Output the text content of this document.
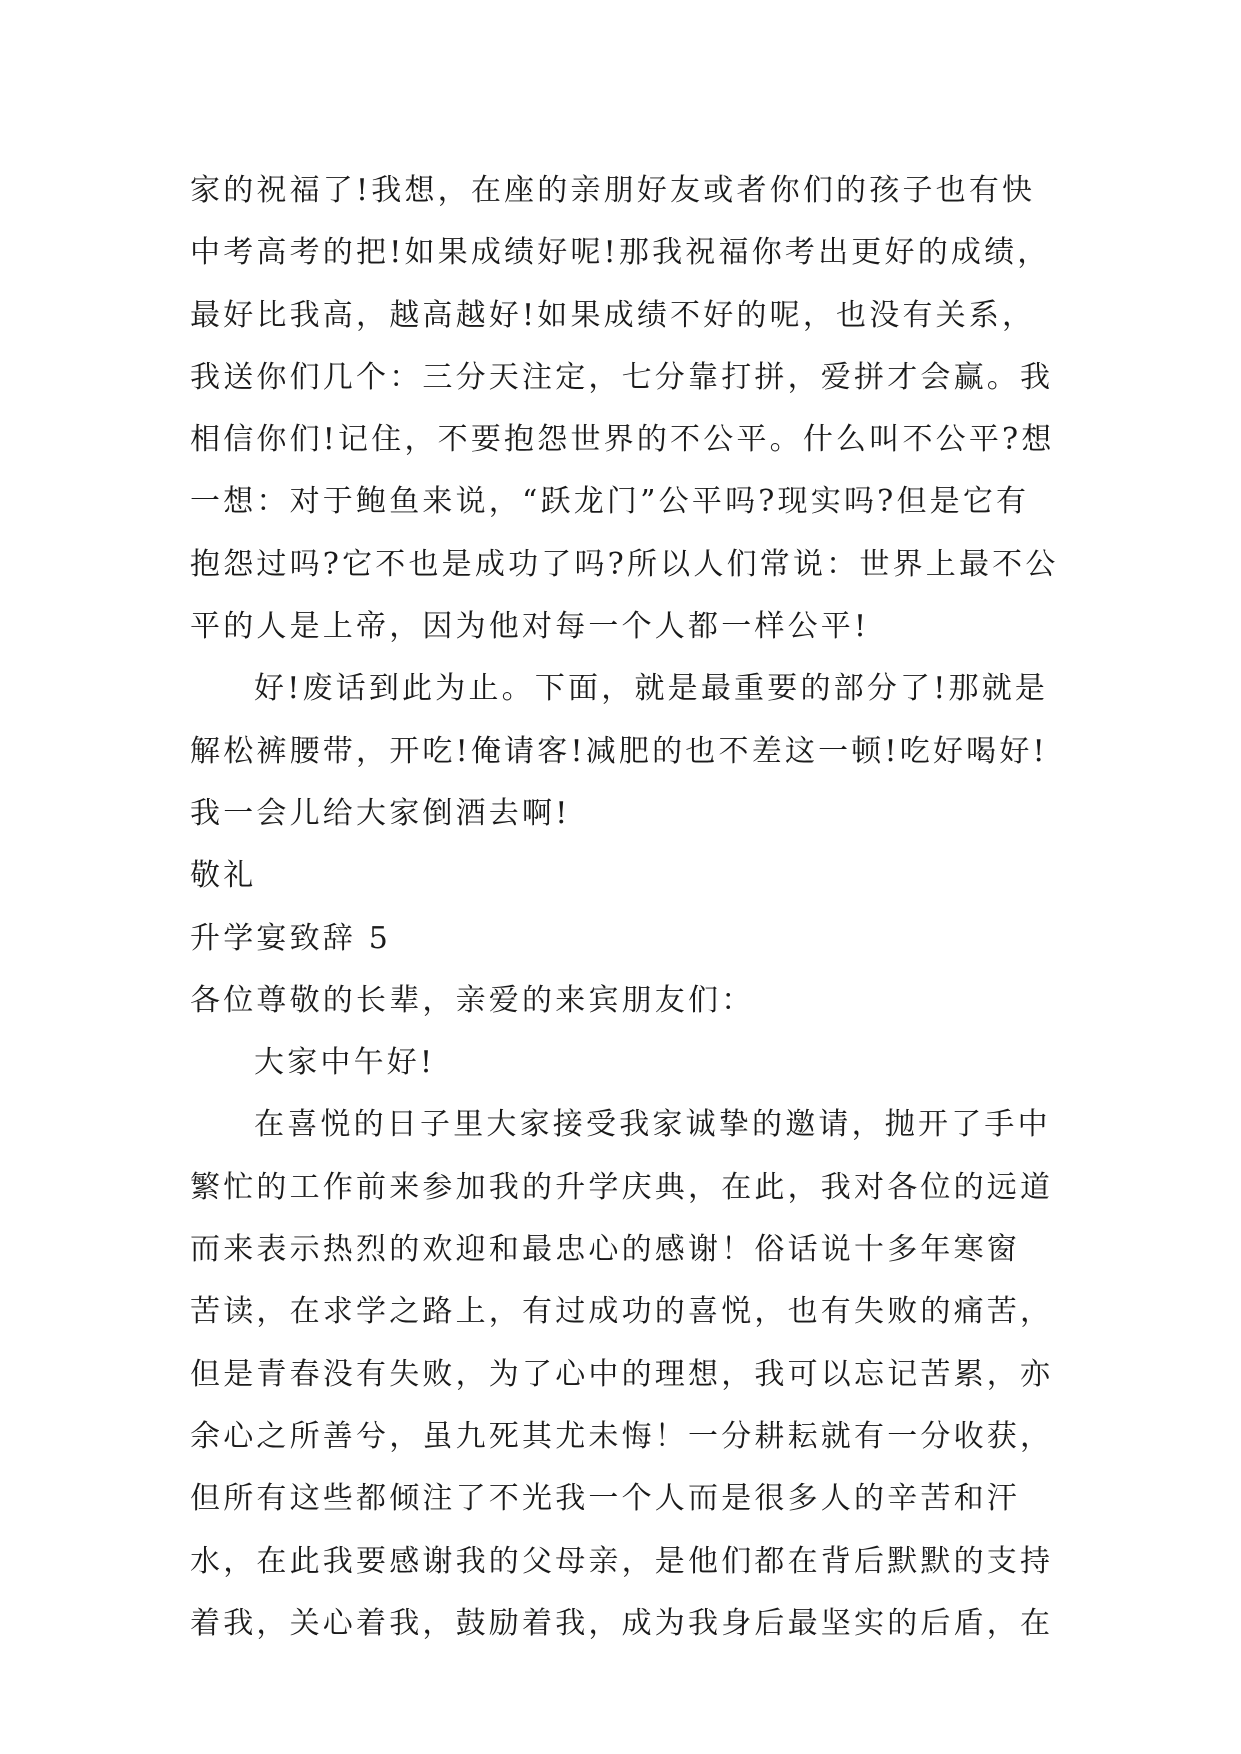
家的祝福了!我想，在座的亲朋好友或者你们的孩子也有快
中考高考的把!如果成绩好呢!那我祝福你考出更好的成绩，
最好比我高，越高越好!如果成绩不好的呢，也没有关系，
我送你们几个：三分天注定，七分靠打拼，爱拼才会赢。我
相信你们!记住，不要抱怨世界的不公平。什么叫不公平?想
一想：对于鲍鱼来说，“跃龙门”公平吗?现实吗?但是它有
抱怨过吗?它不也是成功了吗?所以人们常说：世界上最不公
平的人是上帝，因为他对每一个人都一样公平!
好!废话到此为止。下面，就是最重要的部分了!那就是
解松裤腰带，开吃!俺请客!减肥的也不差这一顿!吃好喝好!
我一会儿给大家倒酒去啊!
敬礼
升学宴致辞 5
各位尊敬的长辈，亲爱的来宾朋友们：
大家中午好!
在喜悦的日子里大家接受我家诚挚的邀请，抛开了手中
繁忙的工作前来参加我的升学庆典，在此，我对各位的远道
而来表示热烈的欢迎和最忠心的感谢！俗话说十多年寒窗
苦读，在求学之路上，有过成功的喜悦，也有失败的痛苦，
但是青春没有失败，为了心中的理想，我可以忘记苦累，亦
余心之所善兮，虽九死其尤未悔！一分耕耘就有一分收获，
但所有这些都倾注了不光我一个人而是很多人的辛苦和汗
水，在此我要感谢我的父母亲，是他们都在背后默默的支持
着我，关心着我，鼓励着我，成为我身后最坚实的后盾，在
